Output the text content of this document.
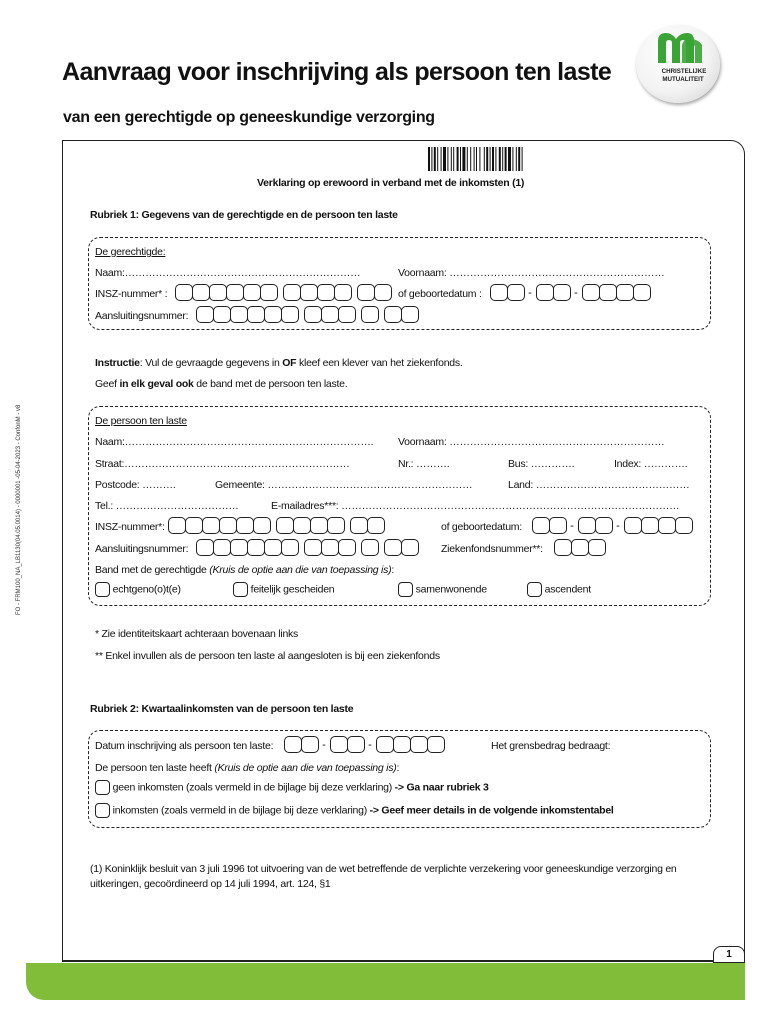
Aanvraag voor inschrijving als persoon ten laste
van een gerechtigde op geneeskundige verzorging
CHRISTELIJKE
MUTUALITEIT
FO - FRM100_NA_LB1130(04.05.0014) - 0000001 -05-04-2023 - ConfonM - v8
1
Verklaring op erewoord in verband met de inkomsten (1)
Rubriek 1: Gegevens van de gerechtigde en de persoon ten laste
De gerechtigde:
Naam:……………………………………………………………	Voornaam: ………………………………………………………
INSZ-nummer* :	of geboortedatum :	-	-
Aansluitingsnummer:
Instructie: Vul de gevraagde gegevens in OF kleef een klever van het ziekenfonds.
Geef in elk geval ook de band met de persoon ten laste.
De persoon ten laste
Naam:………………………………………………………………. Voornaam: ………………………………………………………
Straat:…………………………………………………………	Nr.: ……….	Bus: ………….	Index: ………….
Postcode: ……….	Gemeente: ……………………………………………………	Land: ………………………………………
Tel.: ………………………………	E-mailadres***: ………………………………………………………………………………………
INSZ-nummer*:	of geboortedatum:	-	-
Aansluitingsnummer:	Ziekenfondsnummer**:
Band met de gerechtigde (Kruis de optie aan die van toepassing is):
echtgeno(o)t(e)	feitelijk gescheiden	samenwonende	ascendent
* Zie identiteitskaart achteraan bovenaan links
** Enkel invullen als de persoon ten laste al aangesloten is bij een ziekenfonds
Rubriek 2: Kwartaalinkomsten van de persoon ten laste
Datum inschrijving als persoon ten laste:	-	-	Het grensbedrag bedraagt:
De persoon ten laste heeft (Kruis de optie aan die van toepassing is):
geen inkomsten (zoals vermeld in de bijlage bij deze verklaring) -> Ga naar rubriek 3
inkomsten (zoals vermeld in de bijlage bij deze verklaring) -> Geef meer details in de volgende inkomstentabel
(1) Koninklijk besluit van 3 juli 1996 tot uitvoering van de wet betreffende de verplichte verzekering voor geneeskundige verzorging en
uitkeringen, gecoördineerd op 14 juli 1994, art. 124, §1
